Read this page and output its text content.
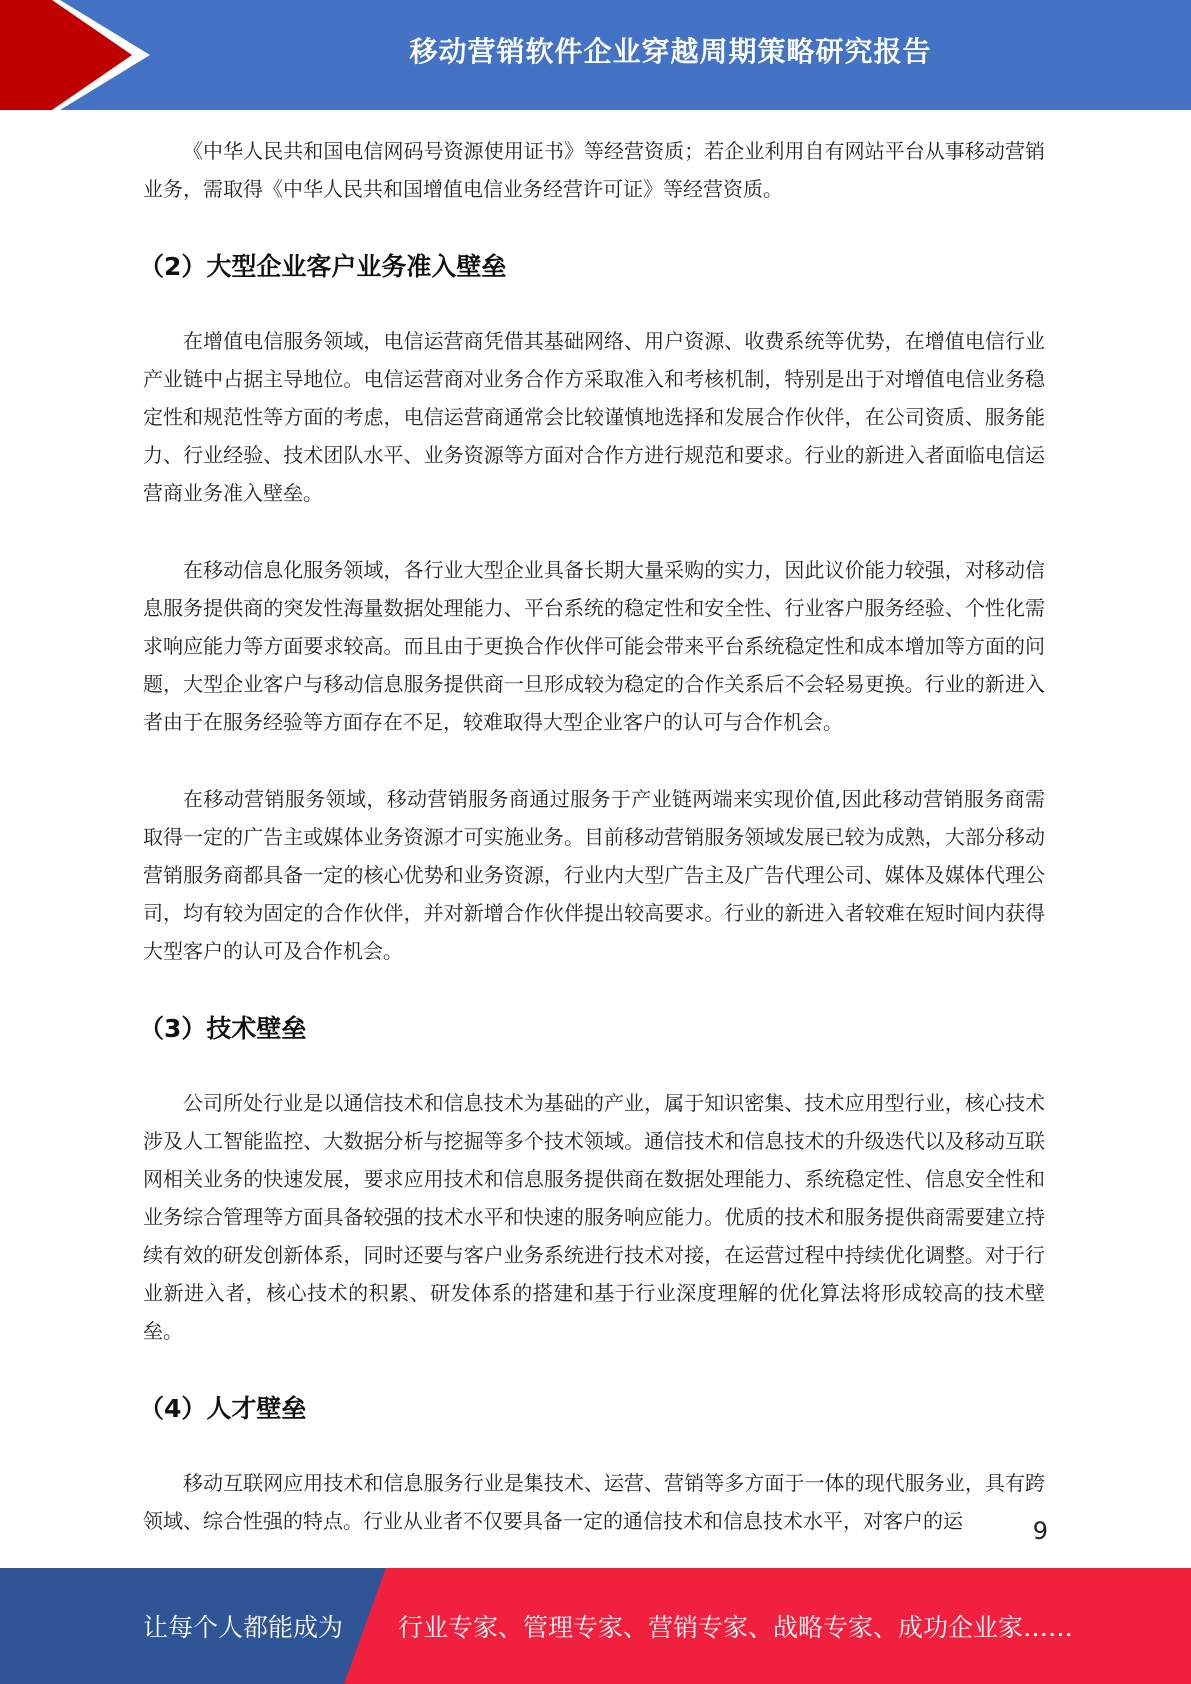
移动营销软件企业穿越周期策略研究报告

《中华人民共和国电信网码号资源使用证书》等经营资质；若企业利用自有网站平台从事移动营销业务，需取得《中华人民共和国增值电信业务经营许可证》等经营资质。

（2）大型企业客户业务准入壁垒

在增值电信服务领域，电信运营商凭借其基础网络、用户资源、收费系统等优势，在增值电信行业产业链中占据主导地位。电信运营商对业务合作方采取准入和考核机制，特别是出于对增值电信业务稳定性和规范性等方面的考虑，电信运营商通常会比较谨慎地选择和发展合作伙伴，在公司资质、服务能力、行业经验、技术团队水平、业务资源等方面对合作方进行规范和要求。行业的新进入者面临电信运营商业务准入壁垒。

在移动信息化服务领域，各行业大型企业具备长期大量采购的实力，因此议价能力较强，对移动信息服务提供商的突发性海量数据处理能力、平台系统的稳定性和安全性、行业客户服务经验、个性化需求响应能力等方面要求较高。而且由于更换合作伙伴可能会带来平台系统稳定性和成本增加等方面的问题，大型企业客户与移动信息服务提供商一旦形成较为稳定的合作关系后不会轻易更换。行业的新进入者由于在服务经验等方面存在不足，较难取得大型企业客户的认可与合作机会。

在移动营销服务领域，移动营销服务商通过服务于产业链两端来实现价值,因此移动营销服务商需取得一定的广告主或媒体业务资源才可实施业务。目前移动营销服务领域发展已较为成熟，大部分移动营销服务商都具备一定的核心优势和业务资源，行业内大型广告主及广告代理公司、媒体及媒体代理公司，均有较为固定的合作伙伴，并对新增合作伙伴提出较高要求。行业的新进入者较难在短时间内获得大型客户的认可及合作机会。

（3）技术壁垒

公司所处行业是以通信技术和信息技术为基础的产业，属于知识密集、技术应用型行业，核心技术涉及人工智能监控、大数据分析与挖掘等多个技术领域。通信技术和信息技术的升级迭代以及移动互联网相关业务的快速发展，要求应用技术和信息服务提供商在数据处理能力、系统稳定性、信息安全性和业务综合管理等方面具备较强的技术水平和快速的服务响应能力。优质的技术和服务提供商需要建立持续有效的研发创新体系，同时还要与客户业务系统进行技术对接，在运营过程中持续优化调整。对于行业新进入者，核心技术的积累、研发体系的搭建和基于行业深度理解的优化算法将形成较高的技术壁垒。

（4）人才壁垒

移动互联网应用技术和信息服务行业是集技术、运营、营销等多方面于一体的现代服务业，具有跨领域、综合性强的特点。行业从业者不仅要具备一定的通信技术和信息技术水平，对客户的运	9
让每个人都能成为 行业专家、管理专家、营销专家、战略专家、成功企业家……
